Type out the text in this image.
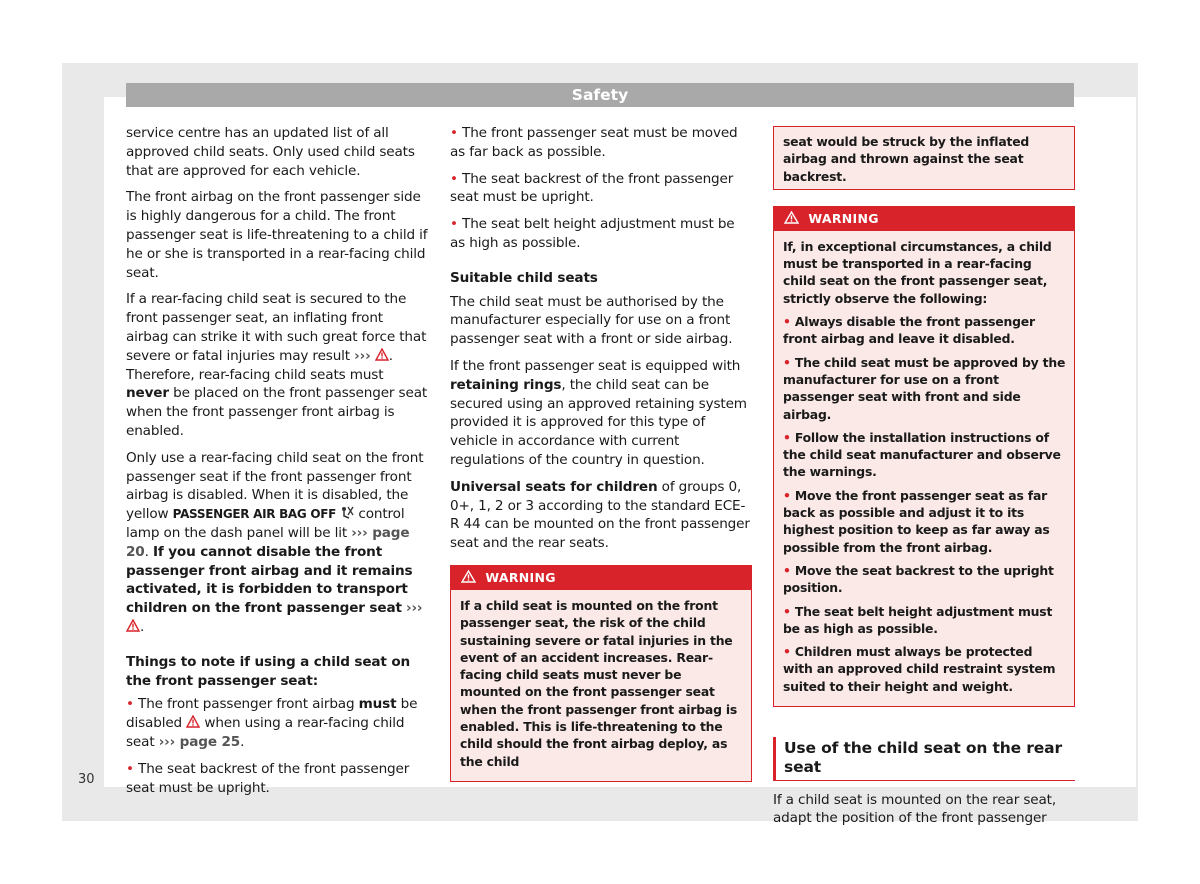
Safety

service centre has an updated list of all approved child seats. Only used child seats that are approved for each vehicle.

The front airbag on the front passenger side is highly dangerous for a child. The front passenger seat is life-threatening to a child if he or she is transported in a rear-facing child seat.

If a rear-facing child seat is secured to the front passenger seat, an inflating front airbag can strike it with such great force that severe or fatal injuries may result ››› . Therefore, rear-facing child seats must never be placed on the front passenger seat when the front passenger front airbag is enabled.

Only use a rear-facing child seat on the front passenger seat if the front passenger front airbag is disabled. When it is disabled, the yellow PASSENGER AIR BAG OFF control lamp on the dash panel will be lit ››› page 20. If you cannot disable the front passenger front airbag and it remains activated, it is forbidden to transport children on the front passenger seat ››› .

Things to note if using a child seat on the front passenger seat:

• The front passenger front airbag must be disabled when using a rear-facing child seat ››› page 25.

• The seat backrest of the front passenger seat must be upright.

• The front passenger seat must be moved as far back as possible.

• The seat backrest of the front passenger seat must be upright.

• The seat belt height adjustment must be as high as possible.

Suitable child seats

The child seat must be authorised by the manufacturer especially for use on a front passenger seat with a front or side airbag.

If the front passenger seat is equipped with retaining rings, the child seat can be secured using an approved retaining system provided it is approved for this type of vehicle in accordance with current regulations of the country in question.

Universal seats for children of groups 0, 0+, 1, 2 or 3 according to the standard ECE-R 44 can be mounted on the front passenger seat and the rear seats.

WARNING

If a child seat is mounted on the front passenger seat, the risk of the child sustaining severe or fatal injuries in the event of an accident increases. Rear-facing child seats must never be mounted on the front passenger seat when the front passenger front airbag is enabled. This is life-threatening to the child should the front airbag deploy, as the child

seat would be struck by the inflated airbag and thrown against the seat backrest.
WARNING

If, in exceptional circumstances, a child must be transported in a rear-facing child seat on the front passenger seat, strictly observe the following:

• Always disable the front passenger front airbag and leave it disabled.

• The child seat must be approved by the manufacturer for use on a front passenger seat with front and side airbag.

• Follow the installation instructions of the child seat manufacturer and observe the warnings.

• Move the front passenger seat as far back as possible and adjust it to its highest position to keep as far away as possible from the front airbag.

• Move the seat backrest to the upright position.

• The seat belt height adjustment must be as high as possible.

• Children must always be protected with an approved child restraint system suited to their height and weight.

Use of the child seat on the rear seat

If a child seat is mounted on the rear seat, adapt the position of the front passenger

30
